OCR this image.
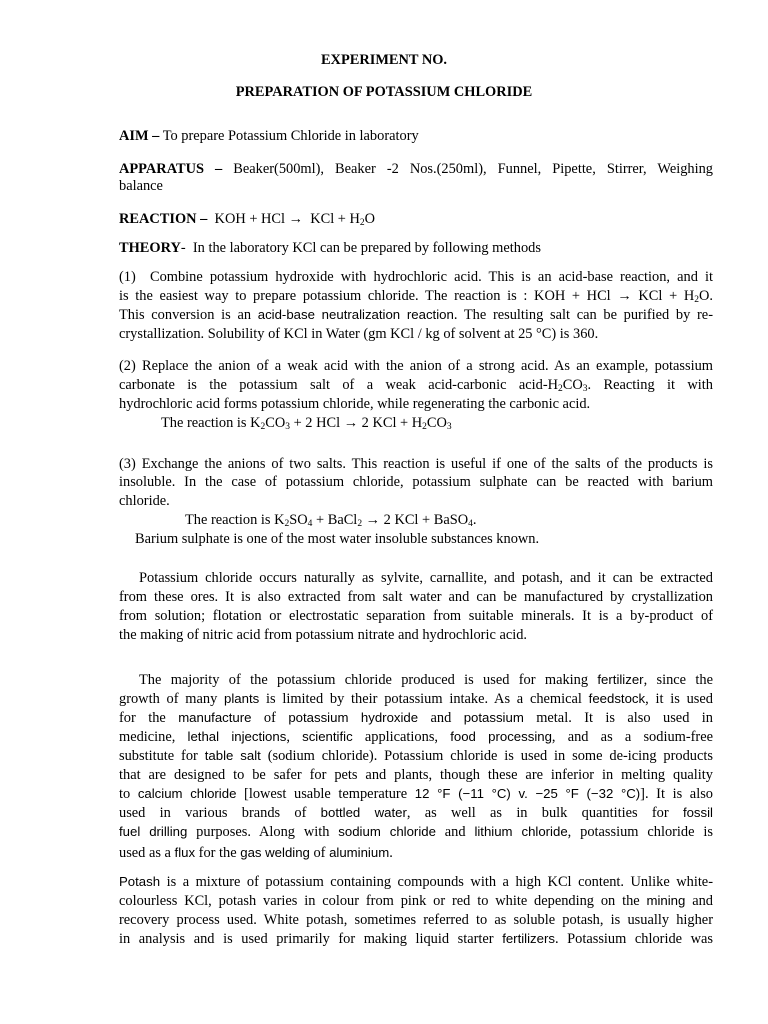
EXPERIMENT NO.
PREPARATION OF POTASSIUM CHLORIDE
AIM – To prepare Potassium Chloride in laboratory
APPARATUS – Beaker(500ml), Beaker -2 Nos.(250ml), Funnel, Pipette, Stirrer, Weighing
balance
REACTION –  KOH + HCl →  KCl + $H_2O$
THEORY-  In the laboratory KCl can be prepared by following methods
(1)  Combine potassium hydroxide with hydrochloric acid. This is an acid-base reaction, and it
is the easiest way to prepare potassium chloride. The reaction is : KOH + HCl → KCl + $H_2O$.
This conversion is an acid-base neutralization reaction. The resulting salt can be purified by re-
crystallization. Solubility of KCl in Water (gm KCl / kg of solvent at 25 °C) is 360.
(2) Replace the anion of a weak acid with the anion of a strong acid. As an example, potassium
carbonate is the potassium salt of a weak acid-carbonic acid-$H_2CO_3$. Reacting it with
hydrochloric acid forms potassium chloride, while regenerating the carbonic acid.
The reaction is $K_2CO_3 + 2$ HCl → 2 KCl + $H_2CO_3$
(3) Exchange the anions of two salts. This reaction is useful if one of the salts of the products is
insoluble. In the case of potassium chloride, potassium sulphate can be reacted with barium
chloride.
The reaction is $K_2SO_4$ + BaCl$_2$ → 2 KCl + BaSO$_4$.
Barium sulphate is one of the most water insoluble substances known.
Potassium chloride occurs naturally as sylvite, carnallite, and potash, and it can be extracted
from these ores. It is also extracted from salt water and can be manufactured by crystallization
from solution; flotation or electrostatic separation from suitable minerals. It is a by-product of
the making of nitric acid from potassium nitrate and hydrochloric acid.
The majority of the potassium chloride produced is used for making fertilizer, since the
growth of many plants is limited by their potassium intake. As a chemical feedstock, it is used
for the manufacture of potassium hydroxide and potassium metal. It is also used in
medicine, lethal injections, scientific applications, food processing, and as a sodium-free
substitute for table salt (sodium chloride). Potassium chloride is used in some de-icing products
that are designed to be safer for pets and plants, though these are inferior in melting quality
to calcium chloride [lowest usable temperature 12 °F (−11 °C) v. −25 °F (−32 °C)]. It is also
used in various brands of bottled water, as well as in bulk quantities for fossil
fuel drilling purposes. Along with sodium chloride and lithium chloride, potassium chloride is
used as a flux for the gas welding of aluminium.
Potash is a mixture of potassium containing compounds with a high KCl content. Unlike white-
colourless KCl, potash varies in colour from pink or red to white depending on the mining and
recovery process used. White potash, sometimes referred to as soluble potash, is usually higher
in analysis and is used primarily for making liquid starter fertilizers. Potassium chloride was
